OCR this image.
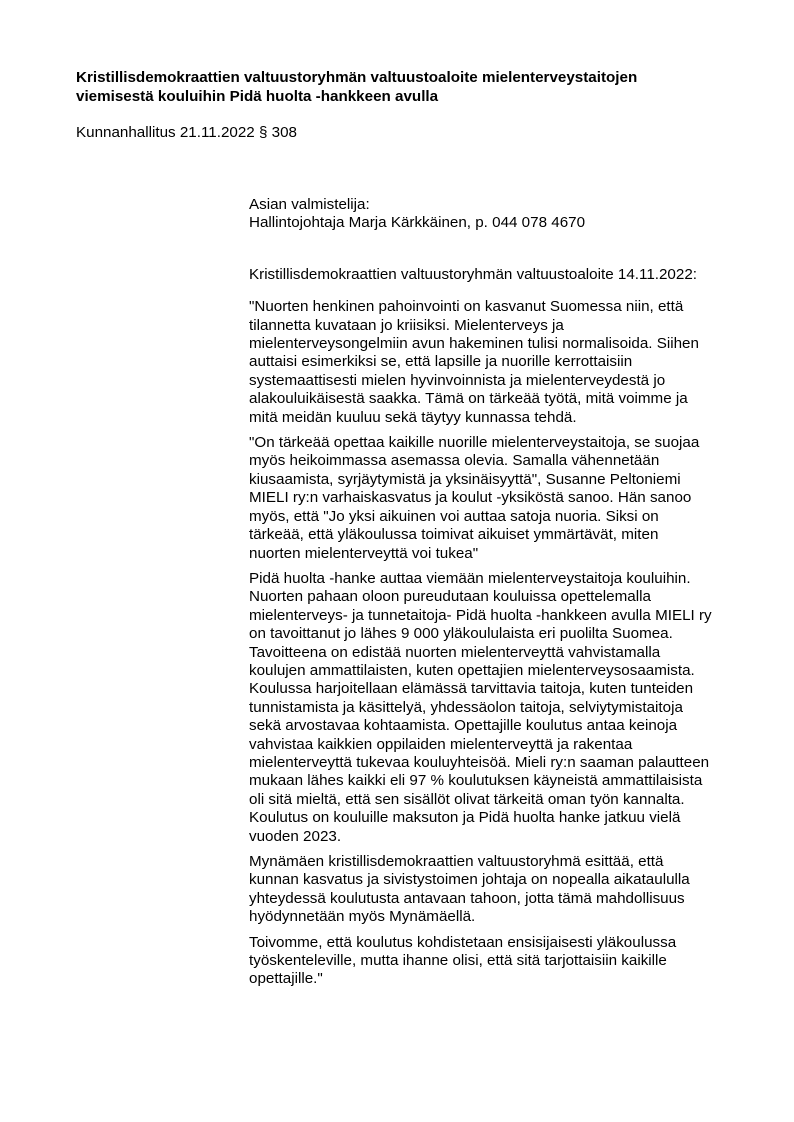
Kristillisdemokraattien valtuustoryhmän valtuustoaloite mielenterveystaitojen
viemisestä kouluihin Pidä huolta -hankkeen avulla
Kunnanhallitus 21.11.2022 § 308
Asian valmistelija:
Hallintojohtaja Marja Kärkkäinen, p. 044 078 4670
Kristillisdemokraattien valtuustoryhmän valtuustoaloite 14.11.2022:
"Nuorten henkinen pahoinvointi on kasvanut Suomessa niin, että
tilannetta kuvataan jo kriisiksi. Mielenterveys ja
mielenterveysongelmiin avun hakeminen tulisi normalisoida. Siihen
auttaisi esimerkiksi se, että lapsille ja nuorille kerrottaisiin
systemaattisesti mielen hyvinvoinnista ja mielenterveydestä jo
alakouluikäisestä saakka. Tämä on tärkeää työtä, mitä voimme ja
mitä meidän kuuluu sekä täytyy kunnassa tehdä.
"On tärkeää opettaa kaikille nuorille mielenterveystaitoja, se suojaa
myös heikoimmassa asemassa olevia. Samalla vähennetään
kiusaamista, syrjäytymistä ja yksinäisyyttä", Susanne Peltoniemi
MIELI ry:n varhaiskasvatus ja koulut -yksiköstä sanoo. Hän sanoo
myös, että "Jo yksi aikuinen voi auttaa satoja nuoria. Siksi on
tärkeää, että yläkoulussa toimivat aikuiset ymmärtävät, miten
nuorten mielenterveyttä voi tukea"
Pidä huolta -hanke auttaa viemään mielenterveystaitoja kouluihin.
Nuorten pahaan oloon pureudutaan kouluissa opettelemalla
mielenterveys- ja tunnetaitoja- Pidä huolta -hankkeen avulla MIELI ry
on tavoittanut jo lähes 9 000 yläkoululaista eri puolilta Suomea.
Tavoitteena on edistää nuorten mielenterveyttä vahvistamalla
koulujen ammattilaisten, kuten opettajien mielenterveysosaamista.
Koulussa harjoitellaan elämässä tarvittavia taitoja, kuten tunteiden
tunnistamista ja käsittelyä, yhdessäolon taitoja, selviytymistaitoja
sekä arvostavaa kohtaamista. Opettajille koulutus antaa keinoja
vahvistaa kaikkien oppilaiden mielenterveyttä ja rakentaa
mielenterveyttä tukevaa kouluyhteisöä. Mieli ry:n saaman palautteen
mukaan lähes kaikki eli 97 % koulutuksen käyneistä ammattilaisista
oli sitä mieltä, että sen sisällöt olivat tärkeitä oman työn kannalta.
Koulutus on kouluille maksuton ja Pidä huolta hanke jatkuu vielä
vuoden 2023.
Mynämäen kristillisdemokraattien valtuustoryhmä esittää, että
kunnan kasvatus ja sivistystoimen johtaja on nopealla aikataululla
yhteydessä koulutusta antavaan tahoon, jotta tämä mahdollisuus
hyödynnetään myös Mynämäellä.
Toivomme, että koulutus kohdistetaan ensisijaisesti yläkoulussa
työskenteleville, mutta ihanne olisi, että sitä tarjottaisiin kaikille
opettajille."
